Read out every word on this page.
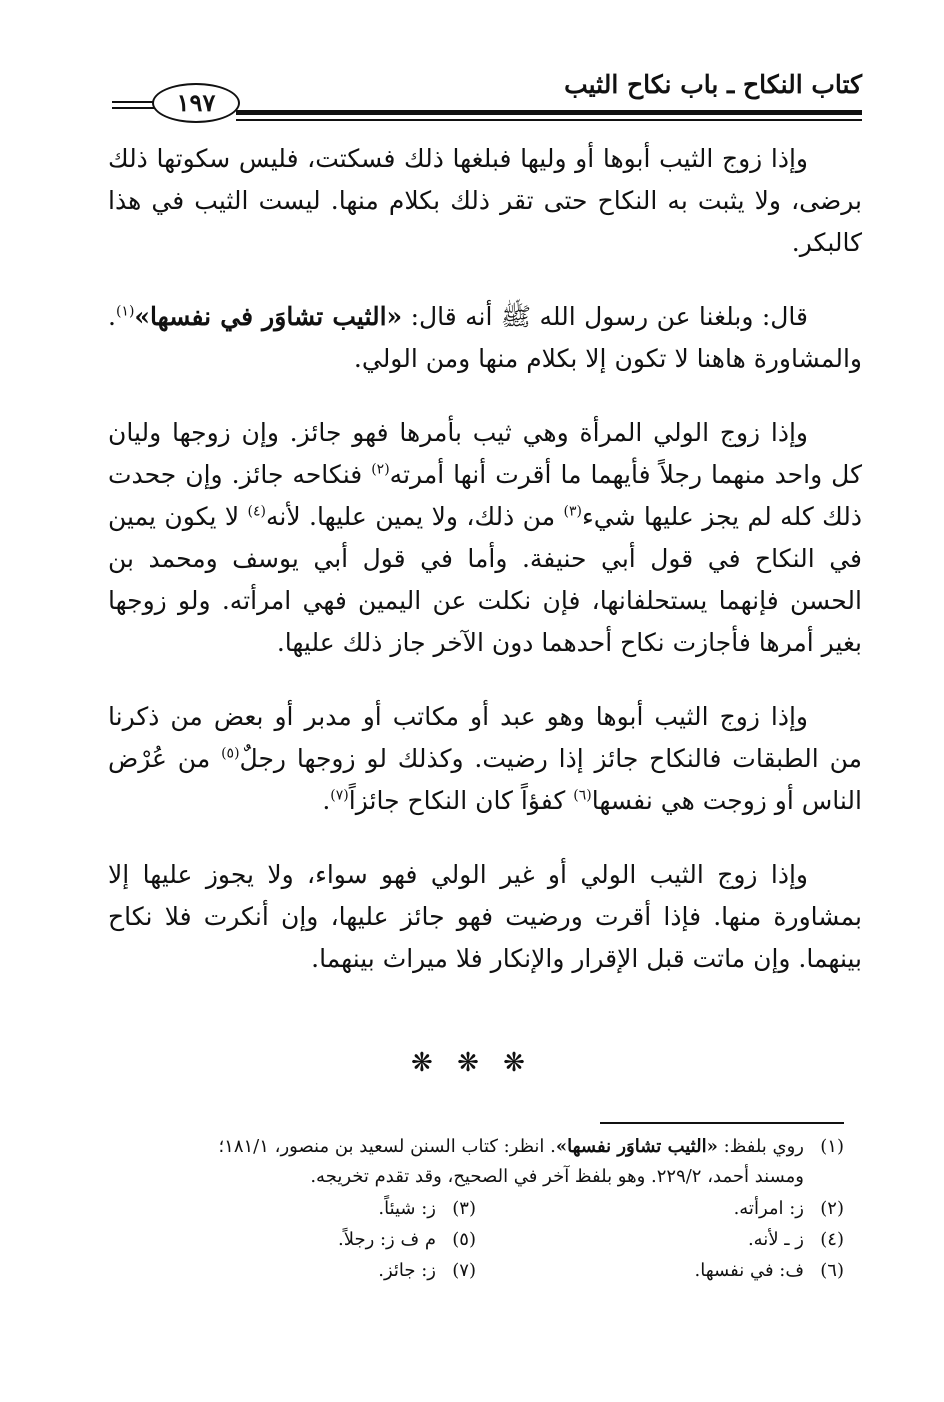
كتاب النكاح ـ باب نكاح الثيب
١٩٧

وإذا زوج الثيب أبوها أو وليها فبلغها ذلك فسكتت، فليس سكوتها ذلك برضى، ولا يثبت به النكاح حتى تقر ذلك بكلام منها. ليست الثيب في هذا كالبكر.

قال: وبلغنا عن رسول الله ﷺ أنه قال: «الثيب تشاوَر في نفسها»$^{(١)}$. والمشاورة هاهنا لا تكون إلا بكلام منها ومن الولي.

وإذا زوج الولي المرأة وهي ثيب بأمرها فهو جائز. وإن زوجها وليان كل واحد منهما رجلاً فأيهما ما أقرت أنها أمرته$^{(٢)}$ فنكاحه جائز. وإن جحدت ذلك كله لم يجز عليها شيء$^{(٣)}$ من ذلك، ولا يمين عليها. لأنه$^{(٤)}$ لا يكون يمين في النكاح في قول أبي حنيفة. وأما في قول أبي يوسف ومحمد بن الحسن فإنهما يستحلفانها، فإن نكلت عن اليمين فهي امرأته. ولو زوجها بغير أمرها فأجازت نكاح أحدهما دون الآخر جاز ذلك عليها.

وإذا زوج الثيب أبوها وهو عبد أو مكاتب أو مدبر أو بعض من ذكرنا من الطبقات فالنكاح جائز إذا رضيت. وكذلك لو زوجها رجلٌ$^{(٥)}$ من عُرْض الناس أو زوجت هي نفسها$^{(٦)}$ كفؤاً كان النكاح جائزاً$^{(٧)}$.

وإذا زوج الثيب الولي أو غير الولي فهو سواء، ولا يجوز عليها إلا بمشاورة منها. فإذا أقرت ورضيت فهو جائز عليها، وإن أنكرت فلا نكاح بينهما. وإن ماتت قبل الإقرار والإنكار فلا ميراث بينهما.

❋ ❋ ❋
(١)روي بلفظ: «الثيب تشاوَر نفسها». انظر: كتاب السنن لسعيد بن منصور، ١٨١/١؛
ومسند أحمد، ٢٢٩/٢. وهو بلفظ آخر في الصحيح، وقد تقدم تخريجه.
(٢)ز: امرأته.
(٣)ز: شيئاً.
(٤)ز ـ لأنه.
(٥)م ف ز: رجلاً.
(٦)ف: في نفسها.
(٧)ز: جائز.
